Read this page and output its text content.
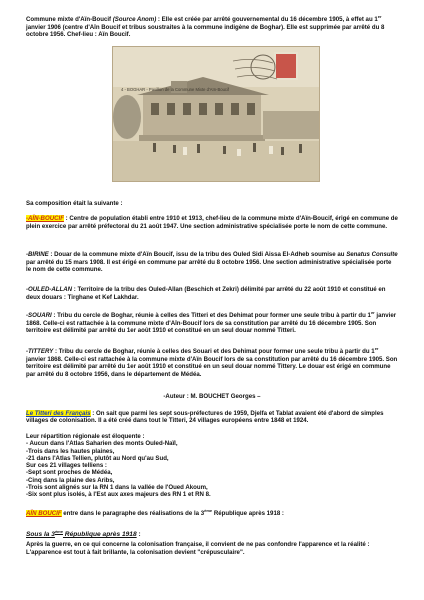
Commune mixte d'Aïn-Boucif (Source Anom) : Elle est créée par arrêté gouvernemental du 16 décembre 1905, à effet au 1er janvier 1906 (centre d'Aïn Boucif et tribus soustraites à la commune indigène de Boghar). Elle est supprimée par arrêté du 8 octobre 1956. Chef-lieu : Aïn Boucif.

4 - BOGHAR - Pavillon de la Commune Mixte d'Aïn-Boucif

Sa composition était la suivante :

-AÏN-BOUCIF : Centre de population établi entre 1910 et 1913, chef-lieu de la commune mixte d'Aïn-Boucif, érigé en commune de plein exercice par arrêté préfectoral du 21 août 1947. Une section administrative spécialisée porte le nom de cette commune.

-BIRINE : Douar de la commune mixte d'Aïn Boucif, issu de la tribu des Ouled Sidi Aissa El-Adheb soumise au Senatus Consulte par arrêté du 15 mars 1908. Il est érigé en commune par arrêté du 8 octobre 1956. Une section administrative spécialisée porte le nom de cette commune.

-OULED-ALLAN : Territoire de la tribu des Ouled-Allan (Beschich et Zekri) délimité par arrêté du 22 août 1910 et constitué en deux douars : Tirghane et Kef Lakhdar.

-SOUARI : Tribu du cercle de Boghar, réunie à celles des Titteri et des Dehimat pour former une seule tribu à partir du 1er janvier 1868. Celle-ci est rattachée à la commune mixte d'Aïn-Boucif lors de sa constitution par arrêté du 16 décembre 1905. Son territoire est délimité par arrêté du 1er août 1910 et constitué en un seul douar nommé Titteri.

-TITTERY : Tribu du cercle de Boghar, réunie à celles des Souari et des Dehimat pour former une seule tribu à partir du 1er janvier 1868. Celle-ci est rattachée à la commune mixte d'Aïn Boucif lors de sa constitution par arrêté du 16 décembre 1905. Son territoire est délimité par arrêté du 1er août 1910 et constitué en un seul douar nommé Tittery. Le douar est érigé en commune par arrêté du 8 octobre 1956, dans le département de Médéa.

-Auteur : M. BOUCHET Georges –

Le Titteri des Français : On sait que parmi les sept sous-préfectures de 1959, Djelfa et Tablat avaient été d'abord de simples villages de colonisation. Il a été créé dans tout le Titteri, 24 villages européens entre 1848 et 1924.

Leur répartition régionale est éloquente :
- Aucun dans l'Atlas Saharien des monts Ouled-Naïl,
-Trois dans les hautes plaines,
-21 dans l'Atlas Tellien, plutôt au Nord qu'au Sud,
Sur ces 21 villages telliens :
-Sept sont proches de Médéa,
-Cinq dans la plaine des Aribs,
-Trois sont alignés sur la RN 1 dans la vallée de l'Oued Akoum,
-Six sont plus isolés, à l'Est aux axes majeurs des RN 1 et RN 8.

AÏN BOUCIF entre dans le paragraphe des réalisations de la 3ème République après 1918 :

Sous la 3ème République après 1918 :

Après la guerre, en ce qui concerne la colonisation française, il convient de ne pas confondre l'apparence et la réalité : L'apparence est tout à fait brillante, la colonisation devient "crépusculaire".
